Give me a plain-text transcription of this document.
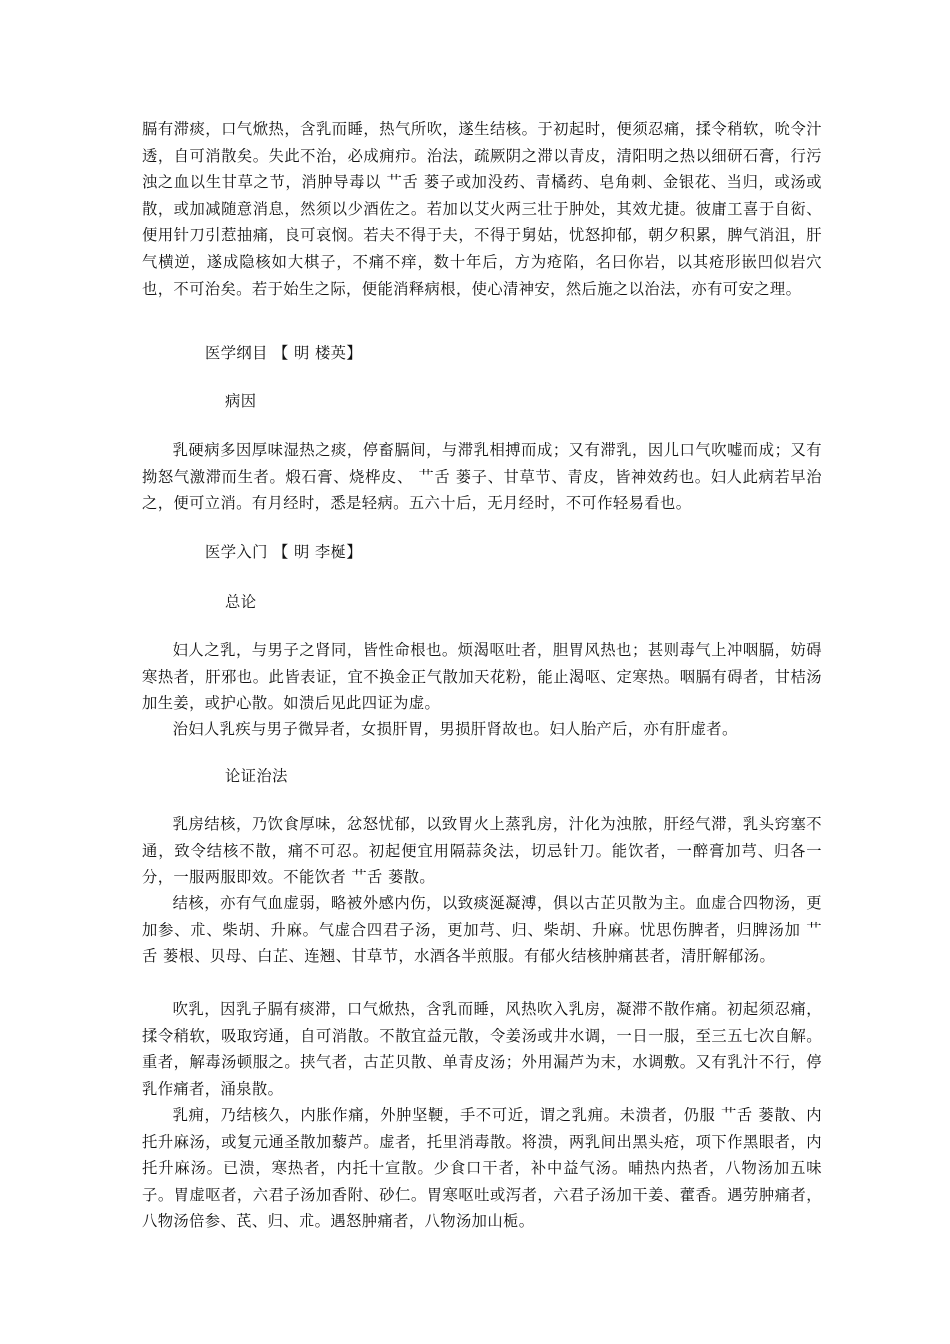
膈有滞痰，口气焮热，含乳而睡，热气所吹，遂生结核。于初起时，便须忍痛，揉令稍软，吮令汁透，自可消散矣。失此不治，必成痈疖。治法，疏厥阴之滞以青皮，清阳明之热以细研石膏，行污浊之血以生甘草之节，消肿导毒以 艹舌 蒌子或加没药、青橘药、皂角刺、金银花、当归，或汤或散，或加减随意消息，然须以少酒佐之。若加以艾火两三壮于肿处，其效尤捷。彼庸工喜于自衒、便用针刀引惹抽痛，良可哀悯。若夫不得于夫，不得于舅姑，忧怒抑郁，朝夕积累，脾气消沮，肝气横逆，遂成隐核如大棋子，不痛不痒，数十年后，方为疮陷，名曰你岩，以其疮形嵌凹似岩穴也，不可治矣。若于始生之际，便能消释病根，使心清神安，然后施之以治法，亦有可安之理。

医学纲目 【 明 楼英】

病因

乳硬病多因厚味湿热之痰，停畜膈间，与滞乳相搏而成；又有滞乳，因儿口气吹嘘而成；又有拗怒气激滞而生者。煅石膏、烧桦皮、 艹舌 蒌子、甘草节、青皮，皆神效药也。妇人此病若早治之，便可立消。有月经时，悉是轻病。五六十后，无月经时，不可作轻易看也。

医学入门 【 明 李梴】

总论

妇人之乳，与男子之肾同，皆性命根也。烦渴呕吐者，胆胃风热也；甚则毒气上冲咽膈，妨碍寒热者，肝邪也。此皆表证，宜不换金正气散加天花粉，能止渴呕、定寒热。咽膈有碍者，甘桔汤加生姜，或护心散。如溃后见此四证为虚。

治妇人乳疾与男子微异者，女损肝胃，男损肝肾故也。妇人胎产后，亦有肝虚者。

论证治法

乳房结核，乃饮食厚味，忿怒忧郁，以致胃火上蒸乳房，汁化为浊脓，肝经气滞，乳头窍塞不通，致令结核不散，痛不可忍。初起便宜用隔蒜灸法，切忌针刀。能饮者，一醉膏加芎、归各一分，一服两服即效。不能饮者 艹舌 蒌散。

结核，亦有气血虚弱，略被外感内伤，以致痰涎凝溥，俱以古芷贝散为主。血虚合四物汤，更加参、朮、柴胡、升麻。气虚合四君子汤，更加芎、归、柴胡、升麻。忧思伤脾者，归脾汤加 艹舌 蒌根、贝母、白芷、连翘、甘草节，水酒各半煎服。有郁火结核肿痛甚者，清肝解郁汤。

吹乳，因乳子膈有痰滞，口气焮热，含乳而睡，风热吹入乳房，凝滞不散作痛。初起须忍痛，揉令稍软，吸取窍通，自可消散。不散宜益元散，令姜汤或井水调，一日一服，至三五七次自解。重者，解毒汤顿服之。挟气者，古芷贝散、单青皮汤；外用漏芦为末，水调敷。又有乳汁不行，停乳作痛者，涌泉散。

乳痈，乃结核久，内胀作痛，外肿坚鞕，手不可近，谓之乳痈。未溃者，仍服 艹舌 蒌散、内托升麻汤，或复元通圣散加藜芦。虚者，托里消毒散。将溃，两乳间出黑头疮，项下作黑眼者，内托升麻汤。已溃，寒热者，内托十宣散。少食口干者，补中益气汤。晡热内热者，八物汤加五味子。胃虚呕者，六君子汤加香附、砂仁。胃寒呕吐或泻者，六君子汤加干姜、藿香。遇劳肿痛者，八物汤倍参、芪、归、朮。遇怒肿痛者，八物汤加山栀。
